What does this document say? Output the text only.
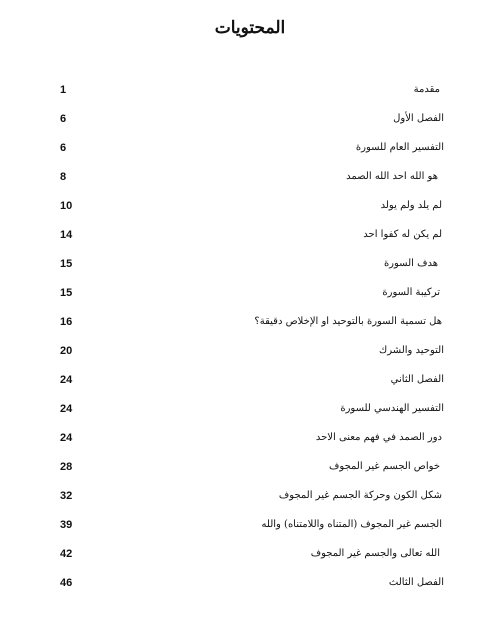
المحتويات
1	مقدمة
6	الفصل الأول
6	التفسير العام للسورة
8	هو الله احد الله الصمد
10	لم يلد ولم يولد
14	لم يكن له كفوا احد
15	هدف السورة
15	تركيبة السورة
16	هل تسمية السورة بالتوحيد او الإخلاص دقيقة؟
20	التوحيد والشرك
24	الفصل الثاني
24	التفسير الهندسي للسورة
24	دور الصمد في فهم معنى الاحد
28	خواص الجسم غير المجوف
32	شكل الكون وحركة الجسم غير المجوف
39	الجسم غير المجوف (المتناه واللامتناه) والله
42	الله تعالى والجسم غير المجوف
46	الفصل الثالث
